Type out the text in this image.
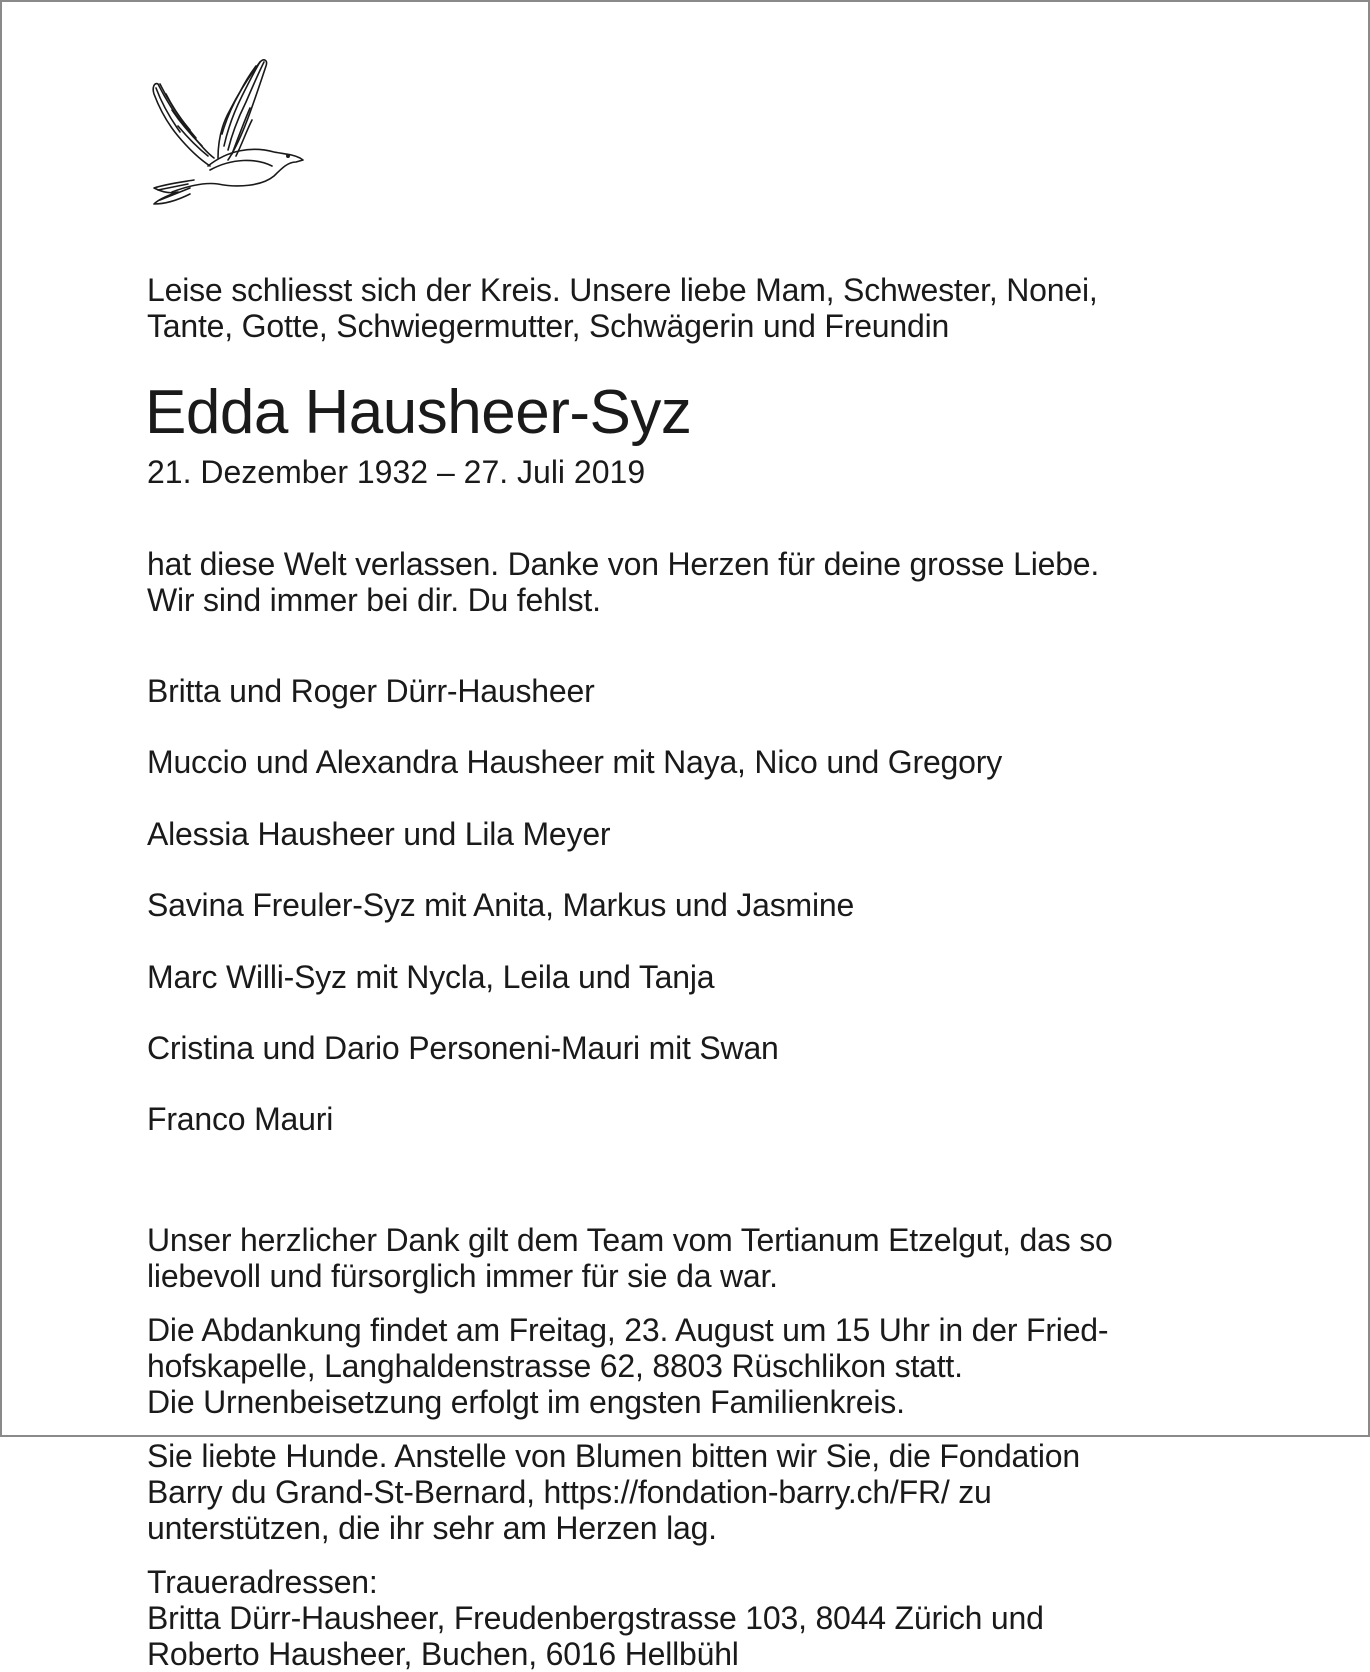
Leise schliesst sich der Kreis. Unsere liebe Mam, Schwester, Nonei,
Tante, Gotte, Schwiegermutter, Schwägerin und Freundin

Edda Hausheer-Syz

21. Dezember 1932 – 27. Juli 2019

hat diese Welt verlassen. Danke von Herzen für deine grosse Liebe.
Wir sind immer bei dir. Du fehlst.

Britta und Roger Dürr-Hausheer

Muccio und Alexandra Hausheer mit Naya, Nico und Gregory

Alessia Hausheer und Lila Meyer

Savina Freuler-Syz mit Anita, Markus und Jasmine

Marc Willi-Syz mit Nycla, Leila und Tanja

Cristina und Dario Personeni-Mauri mit Swan

Franco Mauri

Unser herzlicher Dank gilt dem Team vom Tertianum Etzelgut, das so
liebevoll und fürsorglich immer für sie da war.

Die Abdankung findet am Freitag, 23. August um 15 Uhr in der Fried-
hofskapelle, Langhaldenstrasse 62, 8803 Rüschlikon statt.
Die Urnenbeisetzung erfolgt im engsten Familienkreis.

Sie liebte Hunde. Anstelle von Blumen bitten wir Sie, die Fondation
Barry du Grand-St-Bernard, https://fondation-barry.ch/FR/ zu
unterstützen, die ihr sehr am Herzen lag.

Traueradressen:

Britta Dürr-Hausheer, Freudenbergstrasse 103, 8044 Zürich und
Roberto Hausheer, Buchen, 6016 Hellbühl
